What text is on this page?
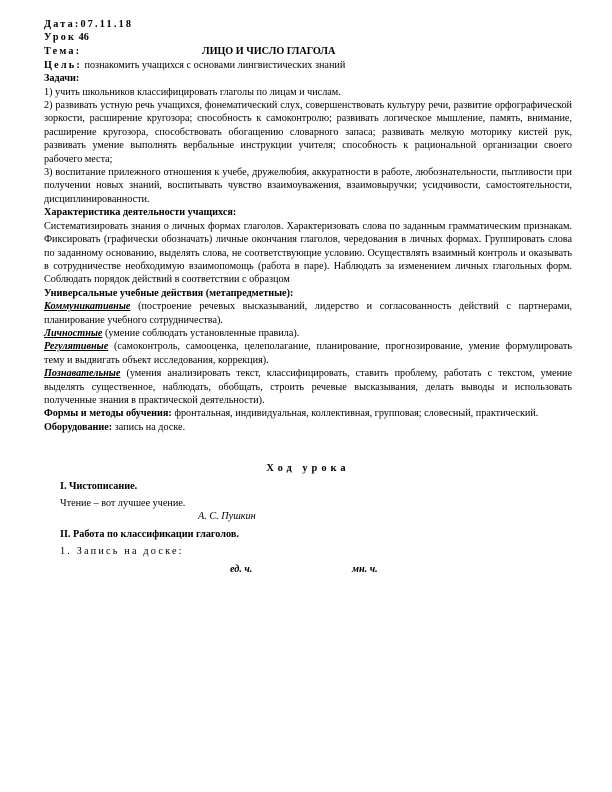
Дата:07.11.18
Урок 46
Тема:	ЛИЦО И ЧИСЛО ГЛАГОЛА
Цель: познакомить учащихся с основами лингвистических знаний
Задачи:
1) учить школьников классифицировать глаголы по лицам и числам.
2) развивать устную речь учащихся, фонематический слух, совершенствовать культуру речи, развитие орфографической зоркости, расширение кругозора; способность к самоконтролю; развивать логическое мышление, память, внимание, расширение кругозора, способствовать обогащению словарного запаса; развивать мелкую моторику кистей рук, развивать умение выполнять вербальные инструкции учителя; способность к рациональной организации своего рабочего места;
3) воспитание прилежного отношения к учебе, дружелюбия, аккуратности в работе, любознательности, пытливости при получении новых знаний, воспитывать чувство взаимоуважения, взаимовыручки; усидчивости, самостоятельности, дисциплинированности.
Характеристика деятельности учащихся:
Систематизировать знания о личных формах глаголов. Характеризовать слова по заданным грамматическим признакам. Фиксировать (графически обозначать) личные окончания глаголов, чередования в личных формах. Группировать слова по заданному основанию, выделять слова, не соответствующие условию. Осуществлять взаимный контроль и оказывать в сотрудничестве необходимую взаимопомощь (работа в паре). Наблюдать за изменением личных глагольных форм. Соблюдать порядок действий в соответствии с образцом
Универсальные учебные действия (метапредметные):
Коммуникативные (построение речевых высказываний, лидерство и согласованность действий с партнерами, планирование учебного сотрудничества).
Личностные (умение соблюдать установленные правила).
Регулятивные (самоконтроль, самооценка, целеполагание, планирование, прогнозирование, умение формулировать тему и выдвигать объект исследования, коррекция).
Познавательные (умения анализировать текст, классифицировать, ставить проблему, работать с текстом, умение выделять существенное, наблюдать, обобщать, строить речевые высказывания, делать выводы и использовать полученные знания в практической деятельности).
Формы и методы обучения: фронтальная, индивидуальная, коллективная, групповая; словесный, практический.
Оборудование: запись на доске.
Ход урока
I. Чистописание.
Чтение – вот лучшее учение.
А. С. Пушкин
II. Работа по классификации глаголов.
1. Запись на доске:
ед. ч.	мн. ч.
